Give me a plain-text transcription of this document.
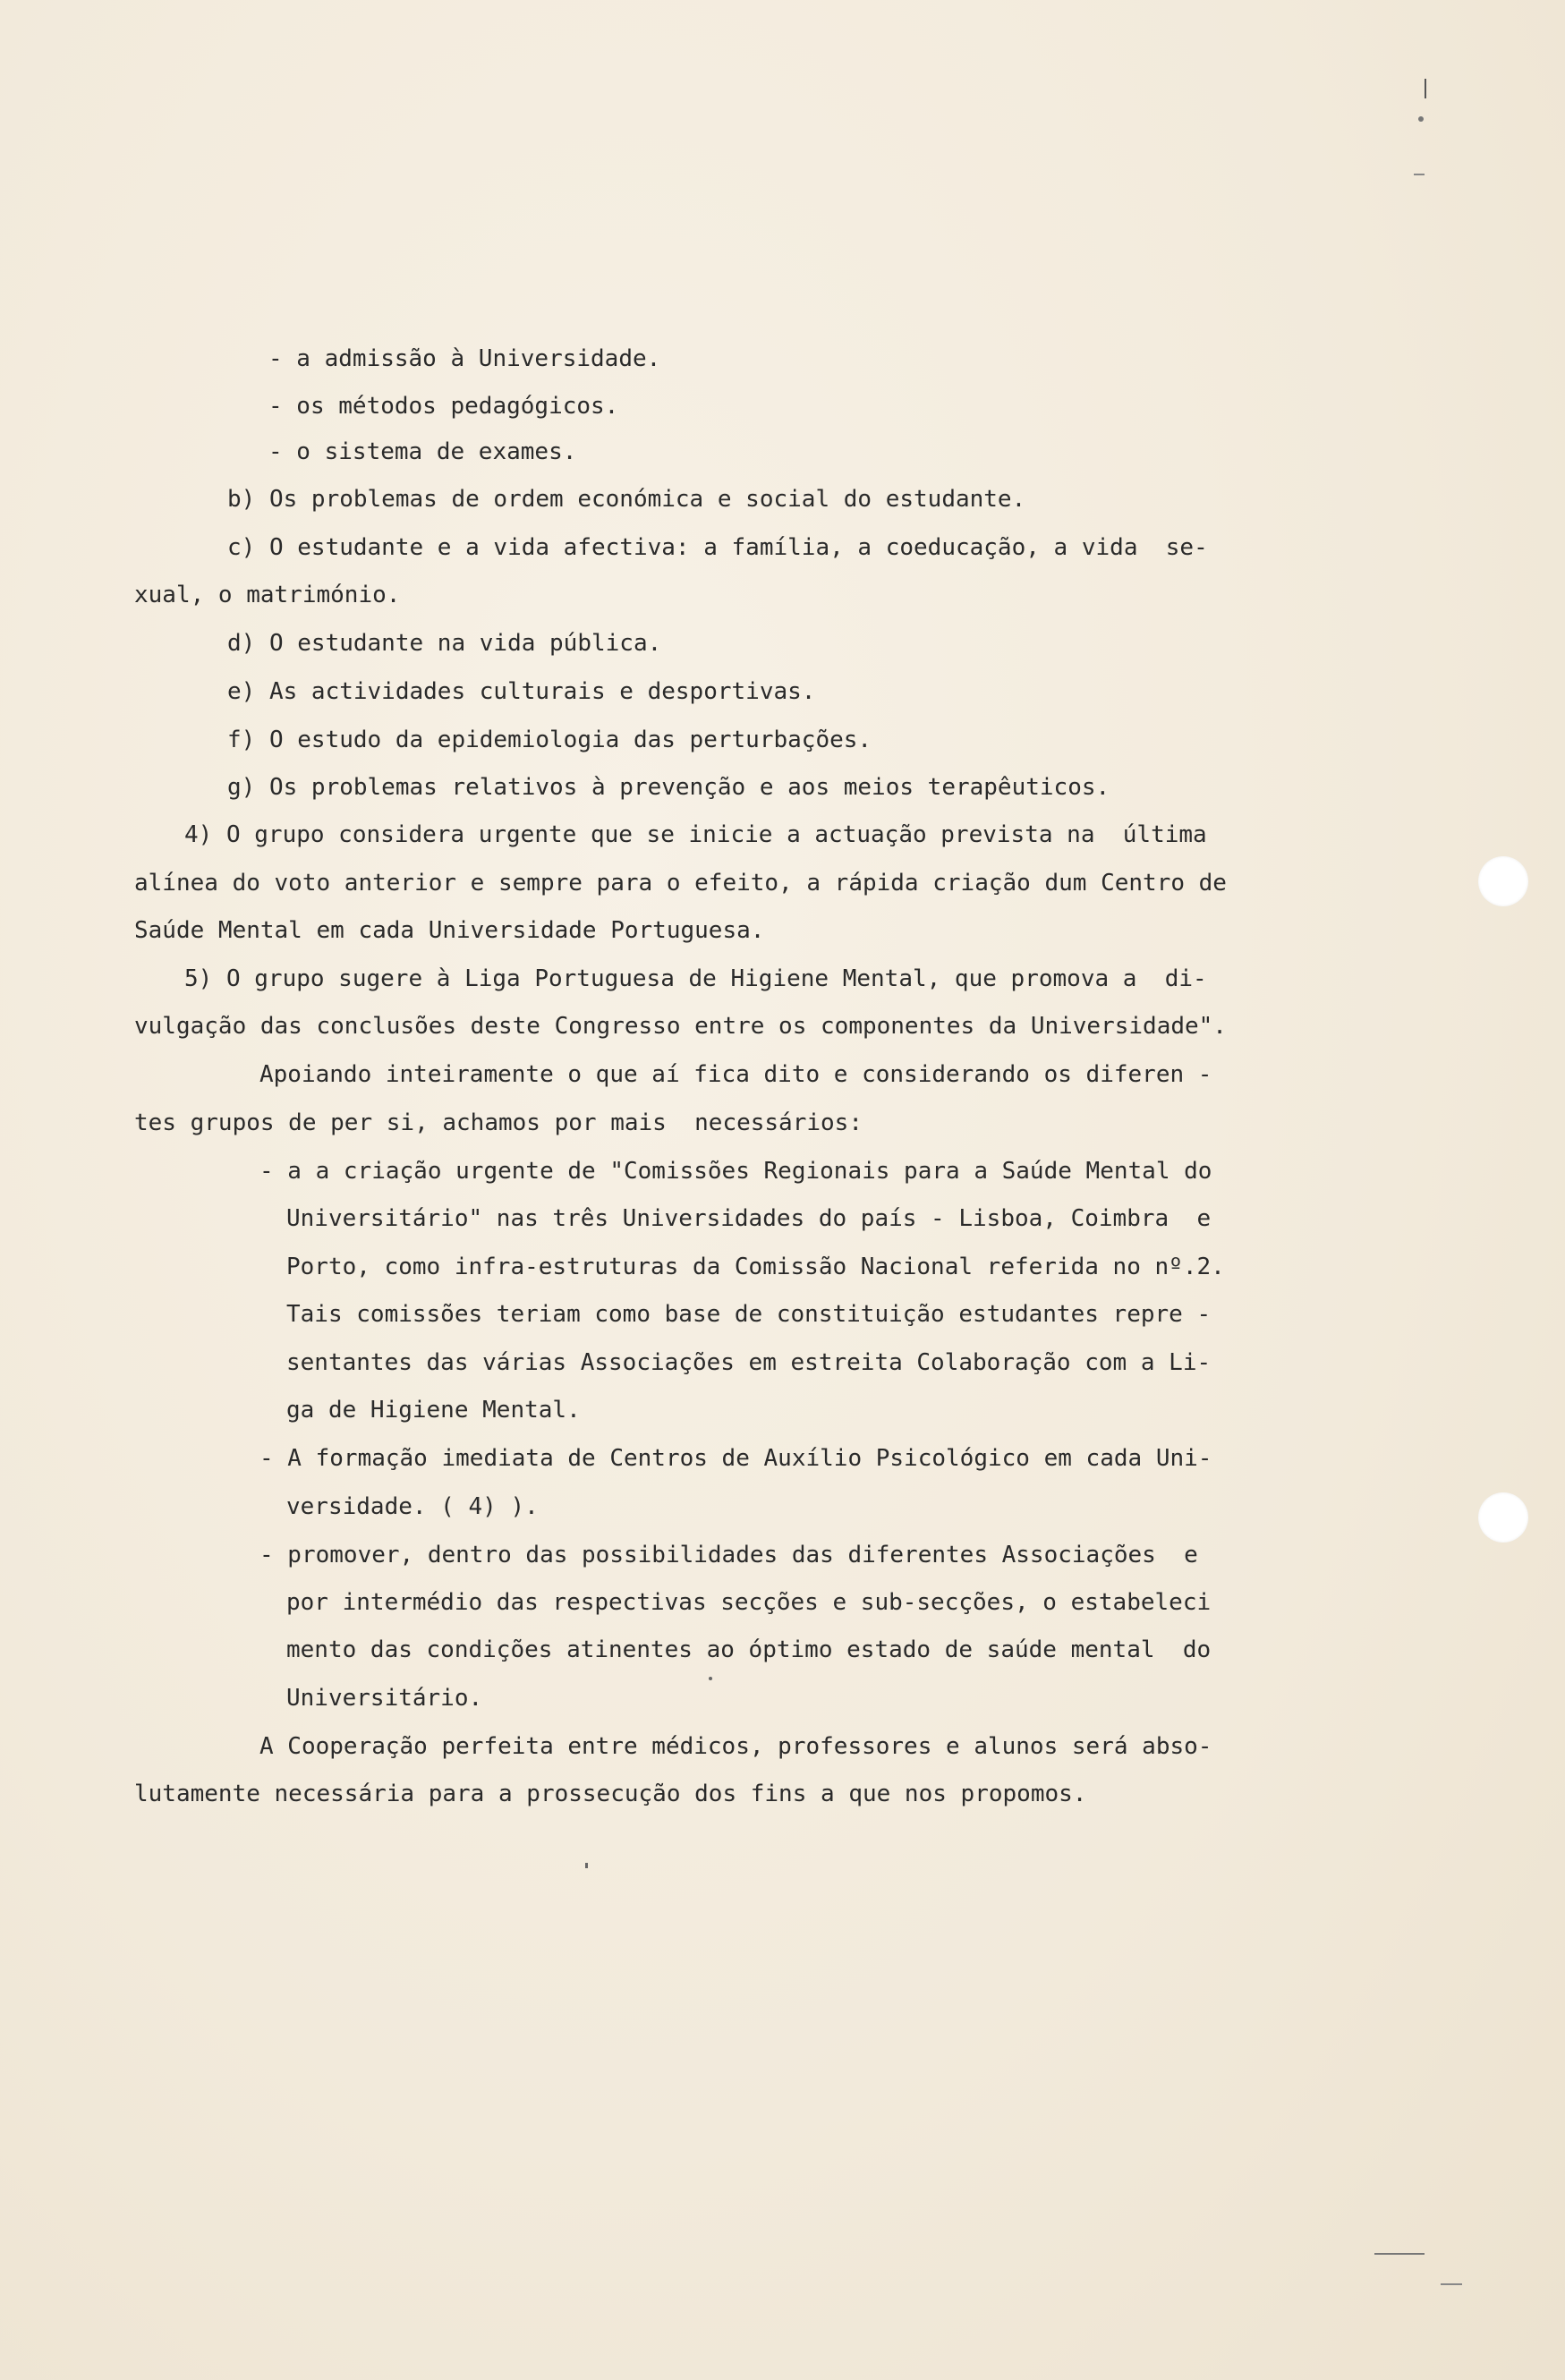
- a admissão à Universidade.
- os métodos pedagógicos.
- o sistema de exames.
b) Os problemas de ordem económica e social do estudante.
c) O estudante e a vida afectiva: a família, a coeducação, a vida  se-
xual, o matrimónio.
d) O estudante na vida pública.
e) As actividades culturais e desportivas.
f) O estudo da epidemiologia das perturbações.
g) Os problemas relativos à prevenção e aos meios terapêuticos.
4) O grupo considera urgente que se inicie a actuação prevista na  última
alínea do voto anterior e sempre para o efeito, a rápida criação dum Centro de
Saúde Mental em cada Universidade Portuguesa.
5) O grupo sugere à Liga Portuguesa de Higiene Mental, que promova a  di-
vulgação das conclusões deste Congresso entre os componentes da Universidade".
Apoiando inteiramente o que aí fica dito e considerando os diferen -
tes grupos de per si, achamos por mais  necessários:
- a a criação urgente de "Comissões Regionais para a Saúde Mental do
Universitário" nas três Universidades do país - Lisboa, Coimbra  e
Porto, como infra-estruturas da Comissão Nacional referida no nº.2.
Tais comissões teriam como base de constituição estudantes repre -
sentantes das várias Associações em estreita Colaboração com a Li-
ga de Higiene Mental.
- A formação imediata de Centros de Auxílio Psicológico em cada Uni-
versidade. ( 4) ).
- promover, dentro das possibilidades das diferentes Associações  e
por intermédio das respectivas secções e sub-secções, o estabeleci
mento das condições atinentes ao óptimo estado de saúde mental  do
Universitário.
A Cooperação perfeita entre médicos, professores e alunos será abso-
lutamente necessária para a prossecução dos fins a que nos propomos.
